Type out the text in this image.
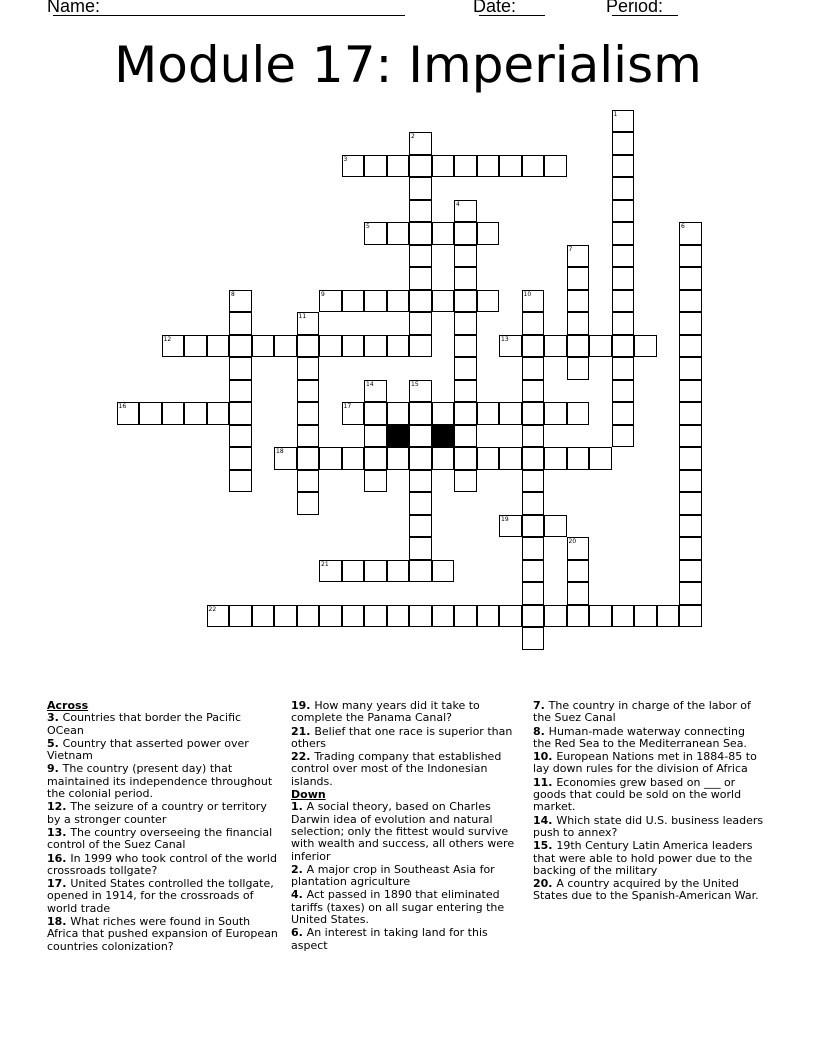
Name:	Date:	Period:
Module 17: Imperialism
1
2
3
4
5	6
7
8	9	10
11
12	13
14	15
16	17
18
19
20
21
22
Across
3. Countries that border the Pacific OCean
5. Country that asserted power over Vietnam
9. The country (present day) that maintained its independence throughout the colonial period.
12. The seizure of a country or territory by a stronger counter
13. The country overseeing the financial control of the Suez Canal
16. In 1999 who took control of the world crossroads tollgate?
17. United States controlled the tollgate, opened in 1914, for the crossroads of world trade
18. What riches were found in South Africa that pushed expansion of European countries colonization?
19. How many years did it take to complete the Panama Canal?
21. Belief that one race is superior than others
22. Trading company that established control over most of the Indonesian islands.
Down
1. A social theory, based on Charles Darwin idea of evolution and natural selection; only the fittest would survive with wealth and success, all others were inferior
2. A major crop in Southeast Asia for plantation agriculture
4. Act passed in 1890 that eliminated tariffs (taxes) on all sugar entering the United States.
6. An interest in taking land for this aspect
7. The country in charge of the labor of the Suez Canal
8. Human-made waterway connecting the Red Sea to the Mediterranean Sea.
10. European Nations met in 1884-85 to lay down rules for the division of Africa
11. Economies grew based on ___ or goods that could be sold on the world market.
14. Which state did U.S. business leaders push to annex?
15. 19th Century Latin America leaders that were able to hold power due to the backing of the military
20. A country acquired by the United States due to the Spanish-American War.
